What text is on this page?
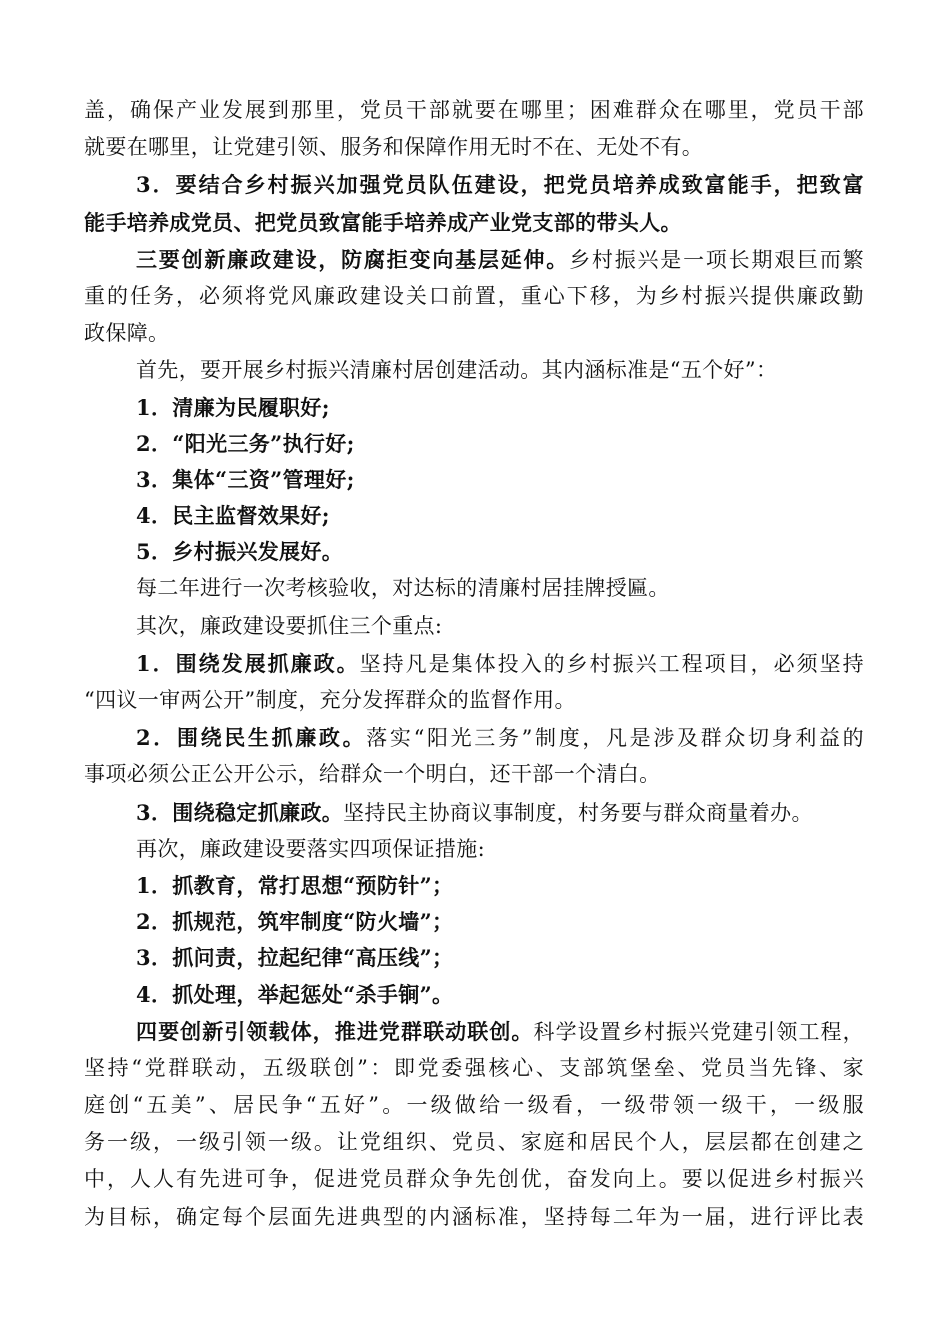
盖，确保产业发展到那里，党员干部就要在哪里；困难群众在哪里，党员干部
就要在哪里，让党建引领、服务和保障作用无时不在、无处不有。
3．要结合乡村振兴加强党员队伍建设，把党员培养成致富能手，把致富
能手培养成党员、把党员致富能手培养成产业党支部的带头人。
三要创新廉政建设，防腐拒变向基层延伸。乡村振兴是一项长期艰巨而繁
重的任务，必须将党风廉政建设关口前置，重心下移，为乡村振兴提供廉政勤
政保障。
首先，要开展乡村振兴清廉村居创建活动。其内涵标准是“五个好”：
1．清廉为民履职好;
2．“阳光三务”执行好;
3．集体“三资”管理好;
4．民主监督效果好;
5．乡村振兴发展好。
每二年进行一次考核验收，对达标的清廉村居挂牌授匾。
其次，廉政建设要抓住三个重点:
1．围绕发展抓廉政。坚持凡是集体投入的乡村振兴工程项目，必须坚持
“四议一审两公开”制度，充分发挥群众的监督作用。
2．围绕民生抓廉政。落实“阳光三务”制度，凡是涉及群众切身利益的
事项必须公正公开公示，给群众一个明白，还干部一个清白。
3．围绕稳定抓廉政。坚持民主协商议事制度，村务要与群众商量着办。
再次，廉政建设要落实四项保证措施:
1．抓教育，常打思想“预防针”；
2．抓规范，筑牢制度“防火墙”；
3．抓问责，拉起纪律“高压线”；
4．抓处理，举起惩处“杀手锏”。
四要创新引领载体，推进党群联动联创。科学设置乡村振兴党建引领工程，
坚持“党群联动，五级联创”：即党委强核心、支部筑堡垒、党员当先锋、家
庭创“五美”、居民争“五好”。一级做给一级看，一级带领一级干，一级服
务一级，一级引领一级。让党组织、党员、家庭和居民个人，层层都在创建之
中，人人有先进可争，促进党员群众争先创优，奋发向上。要以促进乡村振兴
为目标，确定每个层面先进典型的内涵标准，坚持每二年为一届，进行评比表
